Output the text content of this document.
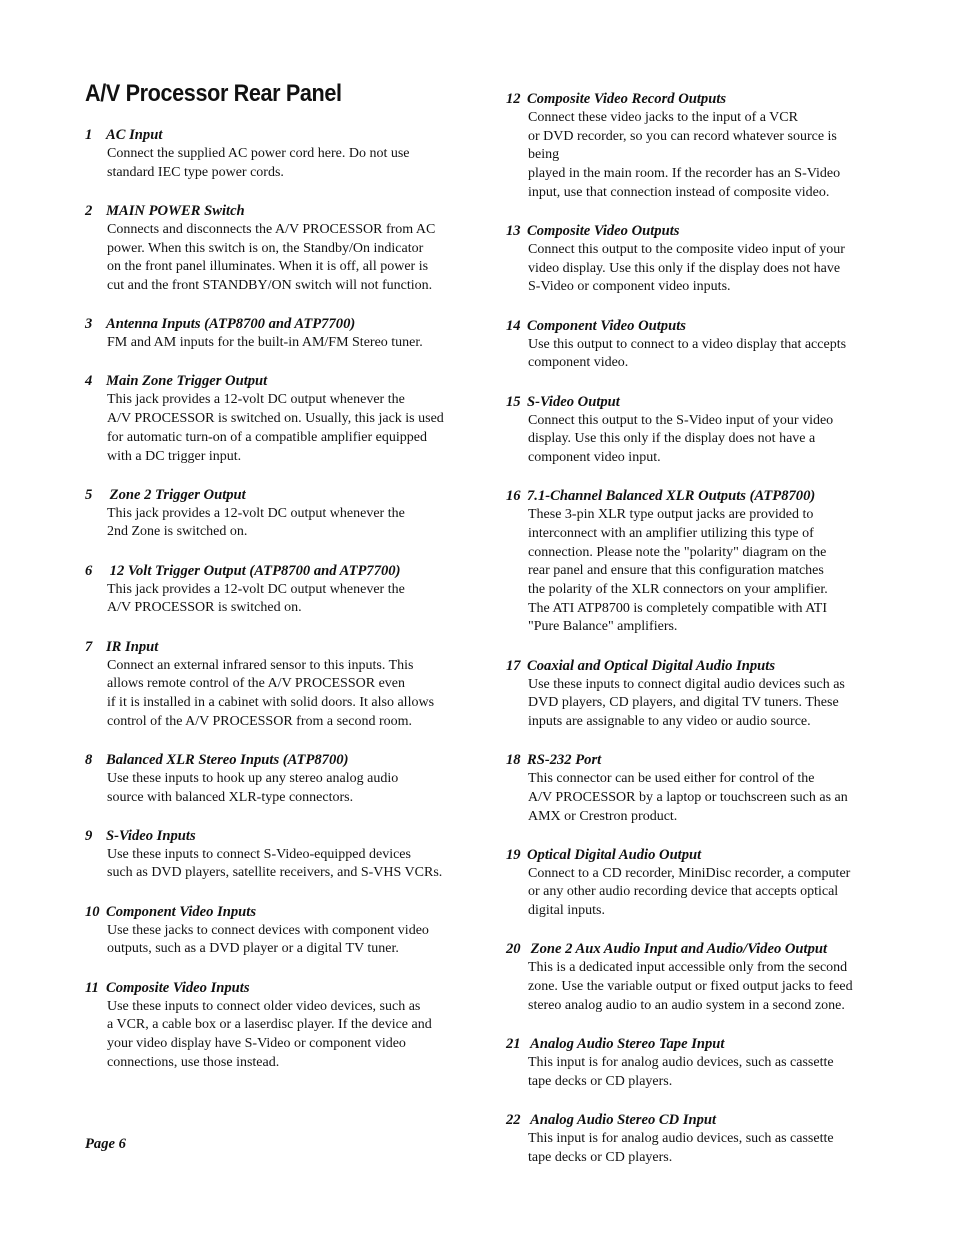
A/V Processor Rear Panel
1 AC Input
Connect the supplied AC power cord here. Do not use
standard IEC type power cords.
2 MAIN POWER Switch
Connects and disconnects the A/V PROCESSOR from AC
power. When this switch is on, the Standby/On indicator
on the front panel illuminates. When it is off, all power is
cut and the front STANDBY/ON switch will not function.
3 Antenna Inputs (ATP8700 and ATP7700)
FM and AM inputs for the built-in AM/FM Stereo tuner.
4 Main Zone Trigger Output
This jack provides a 12-volt DC output whenever the
A/V PROCESSOR is switched on. Usually, this jack is used
for automatic turn-on of a compatible amplifier equipped
with a DC trigger input.
5 Zone 2 Trigger Output
This jack provides a 12-volt DC output whenever the
2nd Zone is switched on.
6 12 Volt Trigger Output (ATP8700 and ATP7700)
This jack provides a 12-volt DC output whenever the
A/V PROCESSOR is switched on.
7 IR Input
Connect an external infrared sensor to this inputs. This
allows remote control of the A/V PROCESSOR even
if it is installed in a cabinet with solid doors. It also allows
control of the A/V PROCESSOR from a second room.
8 Balanced XLR Stereo Inputs (ATP8700)
Use these inputs to hook up any stereo analog audio
source with balanced XLR-type connectors.
9 S-Video Inputs
Use these inputs to connect S-Video-equipped devices
such as DVD players, satellite receivers, and S-VHS VCRs.
10 Component Video Inputs
Use these jacks to connect devices with component video
outputs, such as a DVD player or a digital TV tuner.
11 Composite Video Inputs
Use these inputs to connect older video devices, such as
a VCR, a cable box or a laserdisc player. If the device and
your video display have S-Video or component video
connections, use those instead.
12 Composite Video Record Outputs
Connect these video jacks to the input of a VCR
or DVD recorder, so you can record whatever source is being
played in the main room. If the recorder has an S-Video
input, use that connection instead of composite video.
13 Composite Video Outputs
Connect this output to the composite video input of your
video display. Use this only if the display does not have
S-Video or component video inputs.
14 Component Video Outputs
Use this output to connect to a video display that accepts
component video.
15 S-Video Output
Connect this output to the S-Video input of your video
display. Use this only if the display does not have a
component video input.
16 7.1-Channel Balanced XLR Outputs (ATP8700)
These 3-pin XLR type output jacks are provided to
interconnect with an amplifier utilizing this type of
connection. Please note the "polarity" diagram on the
rear panel and ensure that this configuration matches
the polarity of the XLR connectors on your amplifier.
The ATI ATP8700 is completely compatible with ATI
"Pure Balance" amplifiers.
17 Coaxial and Optical Digital Audio Inputs
Use these inputs to connect digital audio devices such as
DVD players, CD players, and digital TV tuners. These
inputs are assignable to any video or audio source.
18 RS-232 Port
This connector can be used either for control of the
A/V PROCESSOR by a laptop or touchscreen such as an
AMX or Crestron product.
19 Optical Digital Audio Output
Connect to a CD recorder, MiniDisc recorder, a computer
or any other audio recording device that accepts optical
digital inputs.
20 Zone 2 Aux Audio Input and Audio/Video Output
This is a dedicated input accessible only from the second
zone. Use the variable output or fixed output jacks to feed
stereo analog audio to an audio system in a second zone.
21 Analog Audio Stereo Tape Input
This input is for analog audio devices, such as cassette
tape decks or CD players.
22 Analog Audio Stereo CD Input
This input is for analog audio devices, such as cassette
tape decks or CD players.
Page 6
